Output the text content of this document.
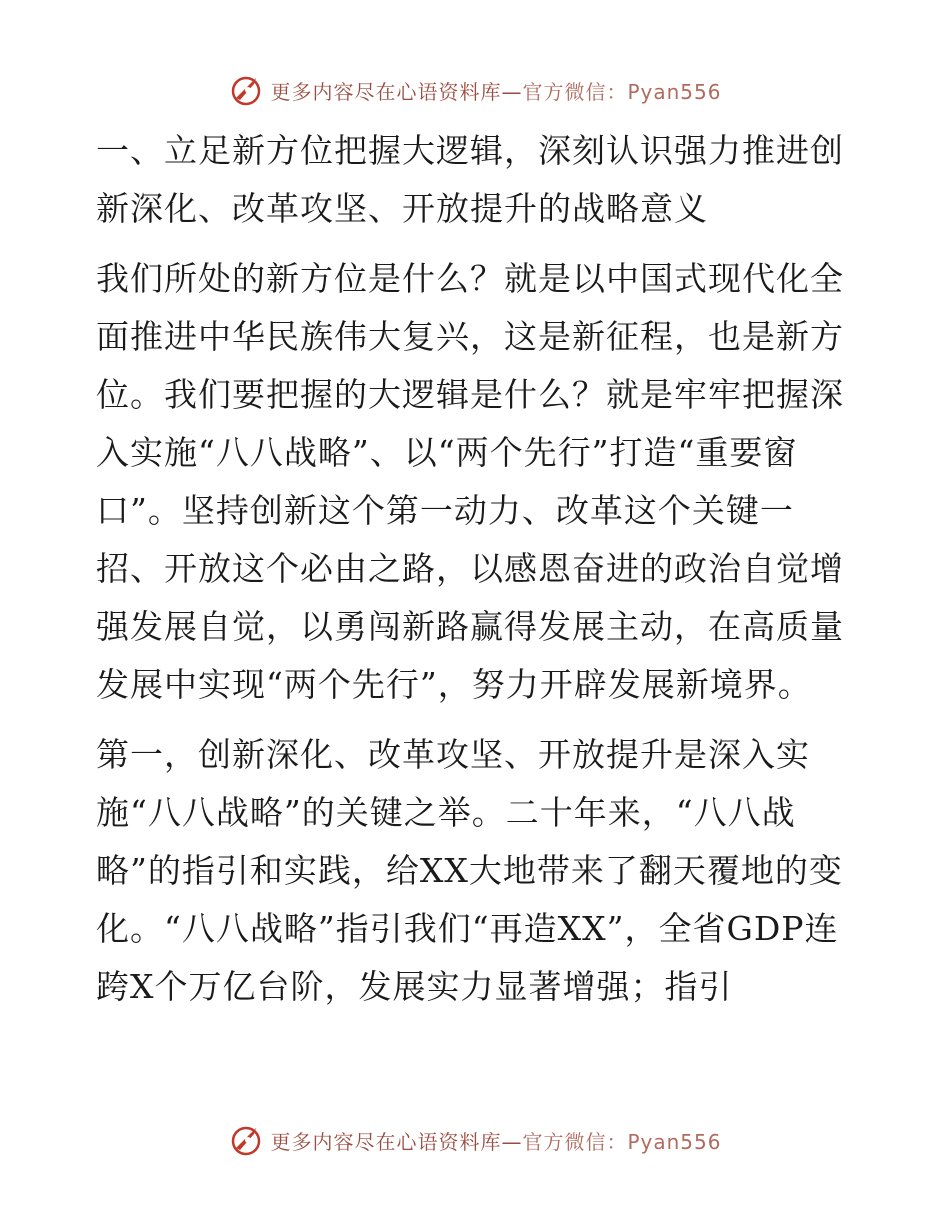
更多内容尽在心语资料库—官方微信：Pyan556

一、立足新方位把握大逻辑，深刻认识强力推进创新深化、改革攻坚、开放提升的战略意义

我们所处的新方位是什么？就是以中国式现代化全面推进中华民族伟大复兴，这是新征程，也是新方位。我们要把握的大逻辑是什么？就是牢牢把握深入实施“八八战略”、以“两个先行”打造“重要窗口”。坚持创新这个第一动力、改革这个关键一招、开放这个必由之路，以感恩奋进的政治自觉增强发展自觉，以勇闯新路赢得发展主动，在高质量发展中实现“两个先行”，努力开辟发展新境界。

第一，创新深化、改革攻坚、开放提升是深入实施“八八战略”的关键之举。二十年来，“八八战略”的指引和实践，给XX大地带来了翻天覆地的变化。“八八战略”指引我们“再造XX”，全省GDP连跨X个万亿台阶，发展实力显著增强；指引

更多内容尽在心语资料库—官方微信：Pyan556
